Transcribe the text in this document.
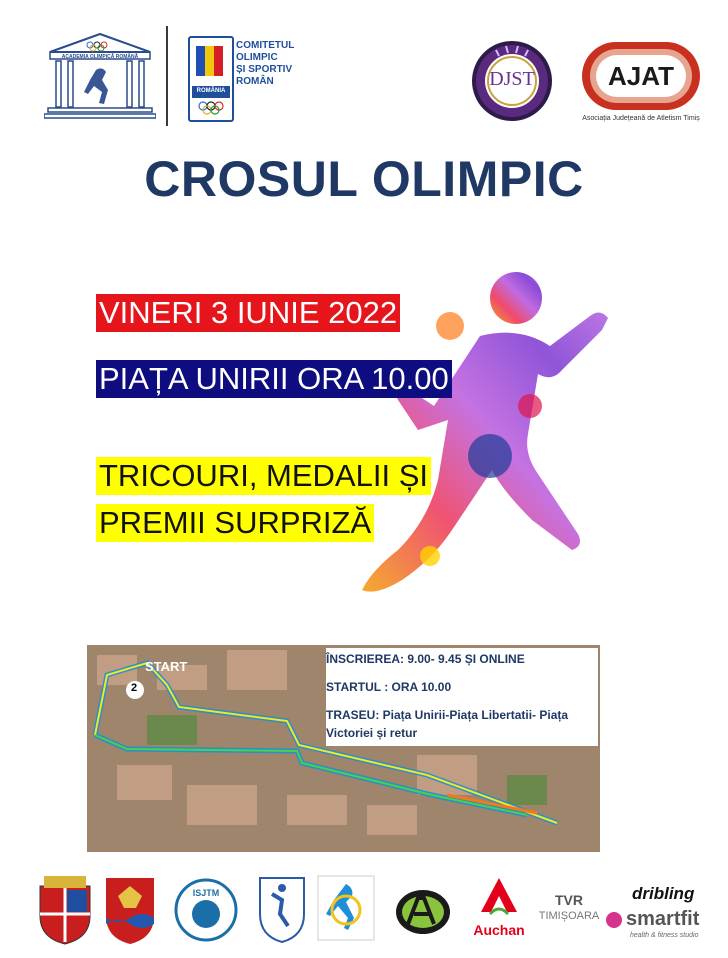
ACADEMIA OLIMPICĂ ROMÂNĂ
ROMÂNIA
COMITETUL
OLIMPIC
ȘI SPORTIV
ROMÂN	DJST	AJAT
Asociația Județeană de Atletism Timiș
CROSUL OLIMPIC
VINERI 3 IUNIE 2022
PIAȚA UNIRII ORA 10.00
TRICOURI, MEDALII ȘI
PREMII SURPRIZĂ
START
2

ÎNSCRIEREA: 9.00- 9.45 ȘI ONLINE

STARTUL : ORA 10.00

TRASEU: Piața Unirii-Piața Libertatii- Piața Victoriei și retur

ISJTM
Auchan
TVR
TIMIȘOARA
dribling
smartfit
health & fitness studio
